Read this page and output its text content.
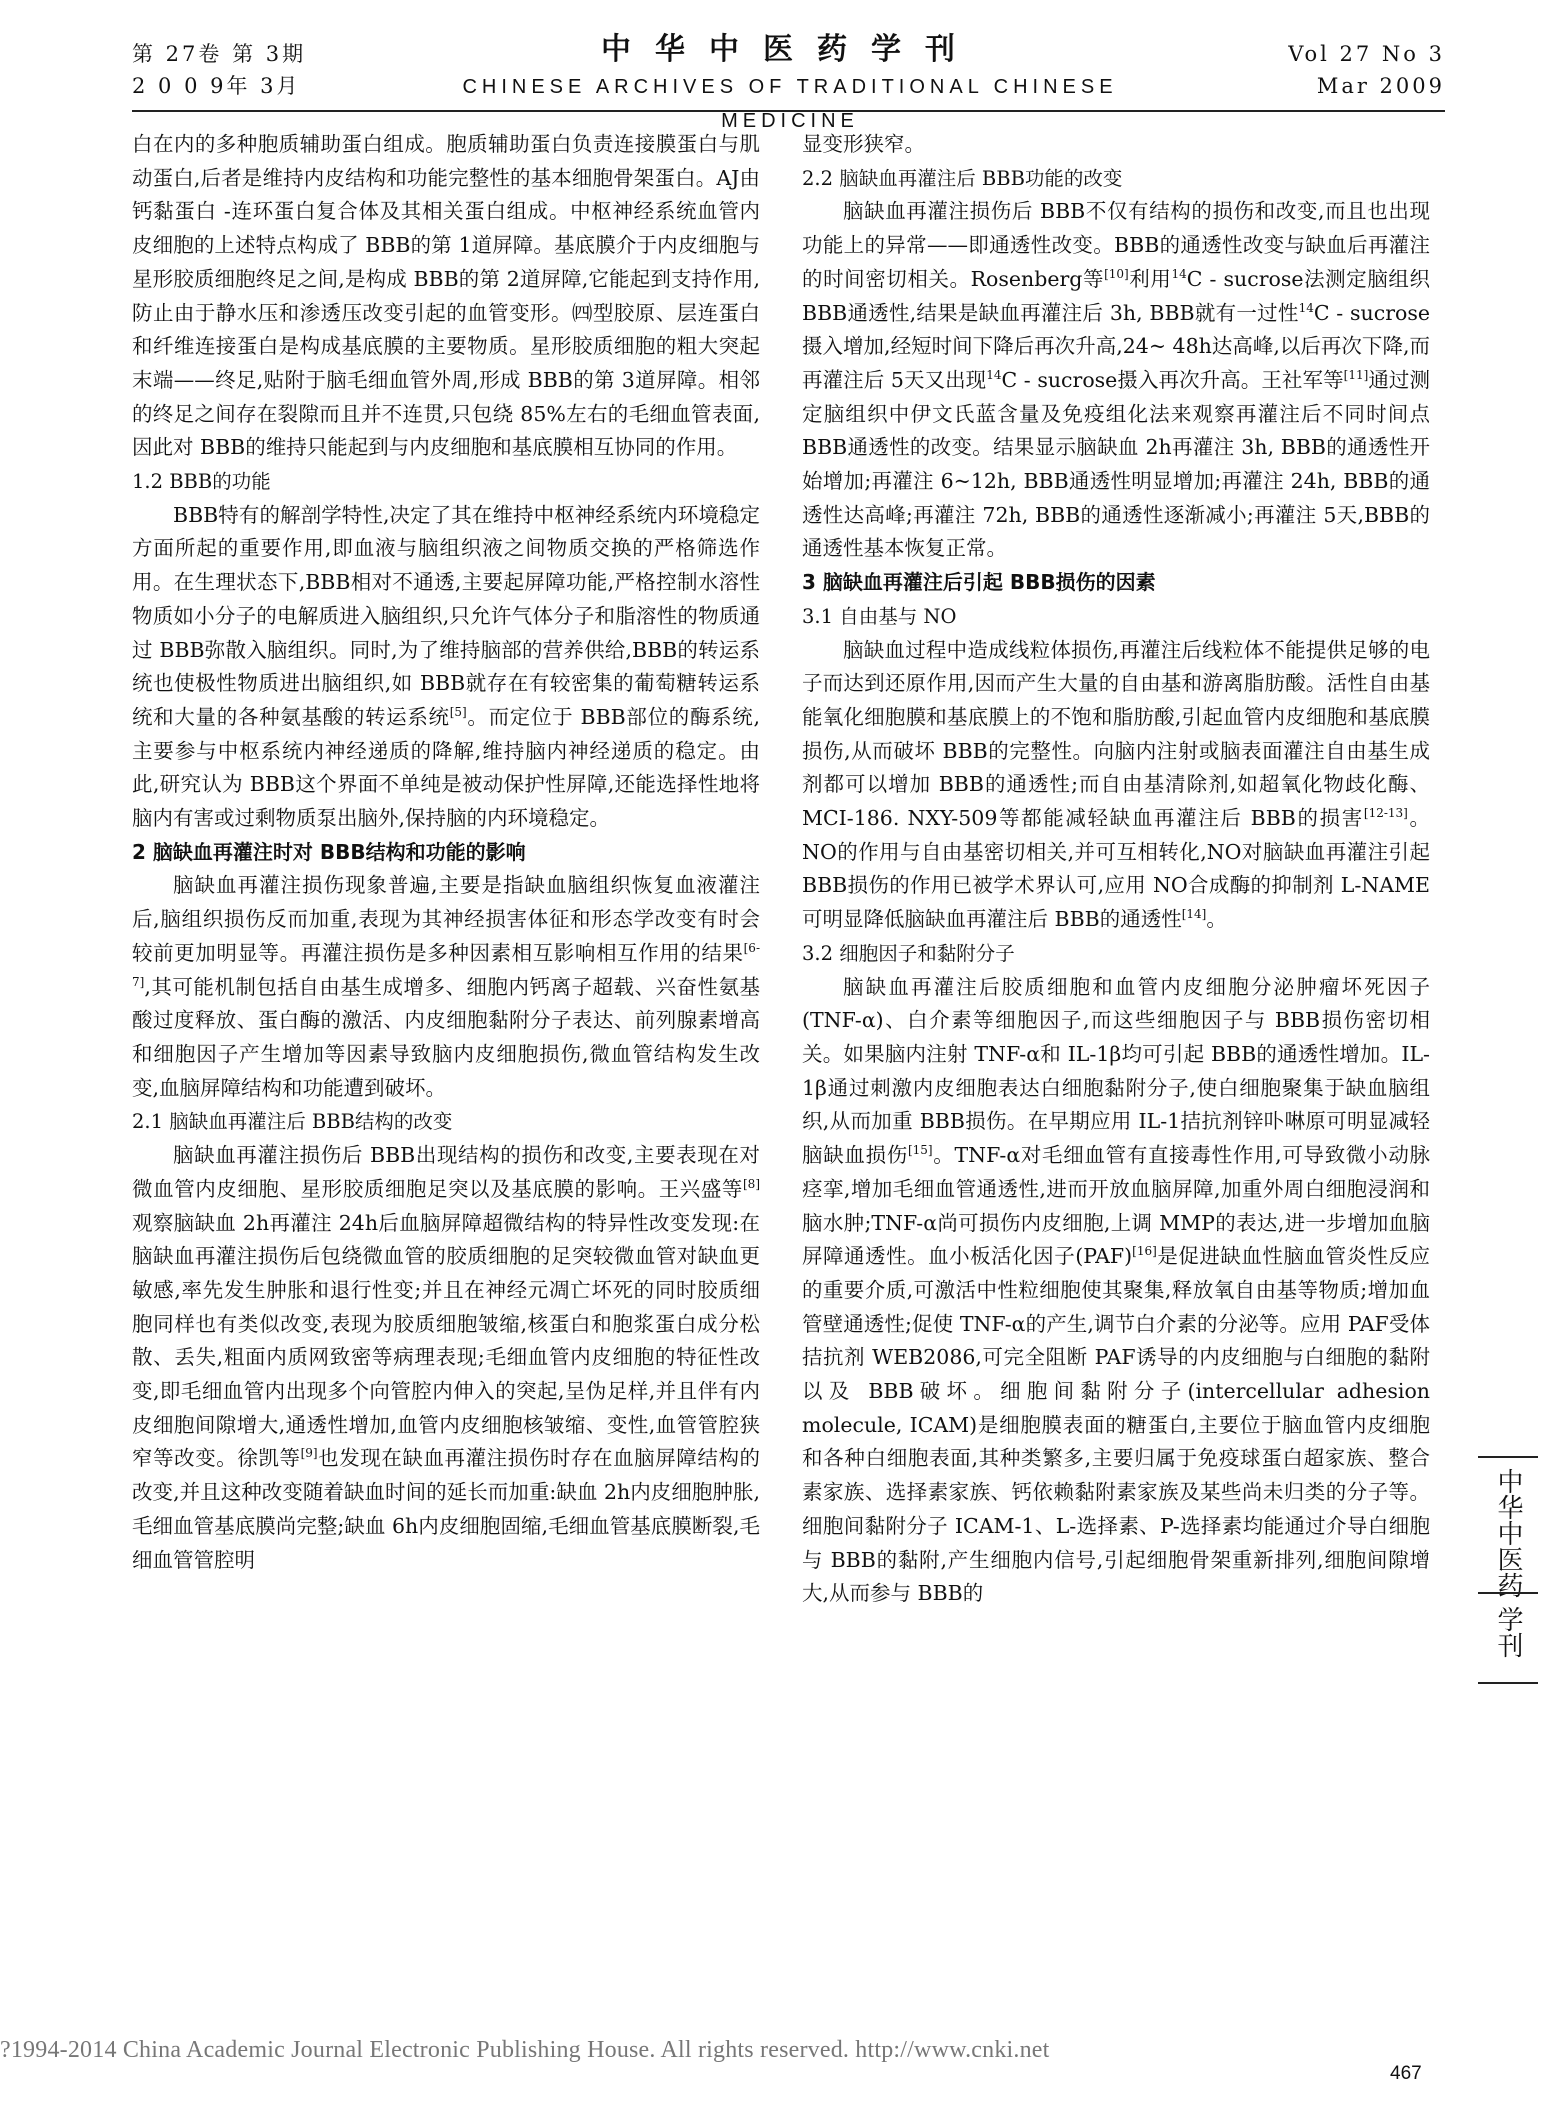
第 27卷 第 3期
2 0 0 9年 3月
中华中医药学刊
CHINESE ARCHIVES OF TRADITIONAL CHINESE MEDICINE
Vol 27 No 3
Mar 2009

白在内的多种胞质辅助蛋白组成。胞质辅助蛋白负责连接膜蛋白与肌动蛋白,后者是维持内皮结构和功能完整性的基本细胞骨架蛋白。AJ由钙黏蛋白 -连环蛋白复合体及其相关蛋白组成。中枢神经系统血管内皮细胞的上述特点构成了 BBB的第 1道屏障。基底膜介于内皮细胞与星形胶质细胞终足之间,是构成 BBB的第 2道屏障,它能起到支持作用,防止由于静水压和渗透压改变引起的血管变形。㈣型胶原、层连蛋白和纤维连接蛋白是构成基底膜的主要物质。星形胶质细胞的粗大突起末端——终足,贴附于脑毛细血管外周,形成 BBB的第 3道屏障。相邻的终足之间存在裂隙而且并不连贯,只包绕 85%左右的毛细血管表面,因此对 BBB的维持只能起到与内皮细胞和基底膜相互协同的作用。

1.2 BBB的功能

BBB特有的解剖学特性,决定了其在维持中枢神经系统内环境稳定方面所起的重要作用,即血液与脑组织液之间物质交换的严格筛选作用。在生理状态下,BBB相对不通透,主要起屏障功能,严格控制水溶性物质如小分子的电解质进入脑组织,只允许气体分子和脂溶性的物质通过 BBB弥散入脑组织。同时,为了维持脑部的营养供给,BBB的转运系统也使极性物质进出脑组织,如 BBB就存在有较密集的葡萄糖转运系统和大量的各种氨基酸的转运系统[5]。而定位于 BBB部位的酶系统,主要参与中枢系统内神经递质的降解,维持脑内神经递质的稳定。由此,研究认为 BBB这个界面不单纯是被动保护性屏障,还能选择性地将脑内有害或过剩物质泵出脑外,保持脑的内环境稳定。

2 脑缺血再灌注时对 BBB结构和功能的影响

脑缺血再灌注损伤现象普遍,主要是指缺血脑组织恢复血液灌注后,脑组织损伤反而加重,表现为其神经损害体征和形态学改变有时会较前更加明显等。再灌注损伤是多种因素相互影响相互作用的结果[6-7],其可能机制包括自由基生成增多、细胞内钙离子超载、兴奋性氨基酸过度释放、蛋白酶的激活、内皮细胞黏附分子表达、前列腺素增高和细胞因子产生增加等因素导致脑内皮细胞损伤,微血管结构发生改变,血脑屏障结构和功能遭到破坏。

2.1 脑缺血再灌注后 BBB结构的改变

脑缺血再灌注损伤后 BBB出现结构的损伤和改变,主要表现在对微血管内皮细胞、星形胶质细胞足突以及基底膜的影响。王兴盛等[8]观察脑缺血 2h再灌注 24h后血脑屏障超微结构的特异性改变发现:在脑缺血再灌注损伤后包绕微血管的胶质细胞的足突较微血管对缺血更敏感,率先发生肿胀和退行性变;并且在神经元凋亡坏死的同时胶质细胞同样也有类似改变,表现为胶质细胞皱缩,核蛋白和胞浆蛋白成分松散、丢失,粗面内质网致密等病理表现;毛细血管内皮细胞的特征性改变,即毛细血管内出现多个向管腔内伸入的突起,呈伪足样,并且伴有内皮细胞间隙增大,通透性增加,血管内皮细胞核皱缩、变性,血管管腔狭窄等改变。徐凯等[9]也发现在缺血再灌注损伤时存在血脑屏障结构的改变,并且这种改变随着缺血时间的延长而加重:缺血 2h内皮细胞肿胀,毛细血管基底膜尚完整;缺血 6h内皮细胞固缩,毛细血管基底膜断裂,毛细血管管腔明

显变形狭窄。

2.2 脑缺血再灌注后 BBB功能的改变

脑缺血再灌注损伤后 BBB不仅有结构的损伤和改变,而且也出现功能上的异常——即通透性改变。BBB的通透性改变与缺血后再灌注的时间密切相关。Rosenberg等[10]利用$^{14}$C - sucrose法测定脑组织 BBB通透性,结果是缺血再灌注后 3h, BBB就有一过性$^{14}$C - sucrose摄入增加,经短时间下降后再次升高,24~ 48h达高峰,以后再次下降,而再灌注后 5天又出现$^{14}$C - sucrose摄入再次升高。王社军等[11]通过测定脑组织中伊文氏蓝含量及免疫组化法来观察再灌注后不同时间点 BBB通透性的改变。结果显示脑缺血 2h再灌注 3h, BBB的通透性开始增加;再灌注 6~12h, BBB通透性明显增加;再灌注 24h, BBB的通透性达高峰;再灌注 72h, BBB的通透性逐渐减小;再灌注 5天,BBB的通透性基本恢复正常。

3 脑缺血再灌注后引起 BBB损伤的因素

3.1 自由基与 NO

脑缺血过程中造成线粒体损伤,再灌注后线粒体不能提供足够的电子而达到还原作用,因而产生大量的自由基和游离脂肪酸。活性自由基能氧化细胞膜和基底膜上的不饱和脂肪酸,引起血管内皮细胞和基底膜损伤,从而破坏 BBB的完整性。向脑内注射或脑表面灌注自由基生成剂都可以增加 BBB的通透性;而自由基清除剂,如超氧化物歧化酶、MCI-186. NXY-509等都能减轻缺血再灌注后 BBB的损害[12-13]。NO的作用与自由基密切相关,并可互相转化,NO对脑缺血再灌注引起 BBB损伤的作用已被学术界认可,应用 NO合成酶的抑制剂 L-NAME可明显降低脑缺血再灌注后 BBB的通透性[14]。

3.2 细胞因子和黏附分子

脑缺血再灌注后胶质细胞和血管内皮细胞分泌肿瘤坏死因子(TNF-α)、白介素等细胞因子,而这些细胞因子与 BBB损伤密切相关。如果脑内注射 TNF-α和 IL-1β均可引起 BBB的通透性增加。IL-1β通过刺激内皮细胞表达白细胞黏附分子,使白细胞聚集于缺血脑组织,从而加重 BBB损伤。在早期应用 IL-1拮抗剂锌卟啉原可明显减轻脑缺血损伤[15]。TNF-α对毛细血管有直接毒性作用,可导致微小动脉痉挛,增加毛细血管通透性,进而开放血脑屏障,加重外周白细胞浸润和脑水肿;TNF-α尚可损伤内皮细胞,上调 MMP的表达,进一步增加血脑屏障通透性。血小板活化因子(PAF)[16]是促进缺血性脑血管炎性反应的重要介质,可激活中性粒细胞使其聚集,释放氧自由基等物质;增加血管壁通透性;促使 TNF-α的产生,调节白介素的分泌等。应用 PAF受体拮抗剂 WEB2086,可完全阻断 PAF诱导的内皮细胞与白细胞的黏附以及 BBB破坏。细胞间黏附分子(intercellular adhesion molecule, ICAM)是细胞膜表面的糖蛋白,主要位于脑血管内皮细胞和各种白细胞表面,其种类繁多,主要归属于免疫球蛋白超家族、整合素家族、选择素家族、钙依赖黏附素家族及某些尚未归类的分子等。细胞间黏附分子 ICAM-1、L-选择素、P-选择素均能通过介导白细胞与 BBB的黏附,产生细胞内信号,引起细胞骨架重新排列,细胞间隙增大,从而参与 BBB的	中华中医药
学刊
?1994-2014 China Academic Journal Electronic Publishing House. All rights reserved. http://www.cnki.net
467
